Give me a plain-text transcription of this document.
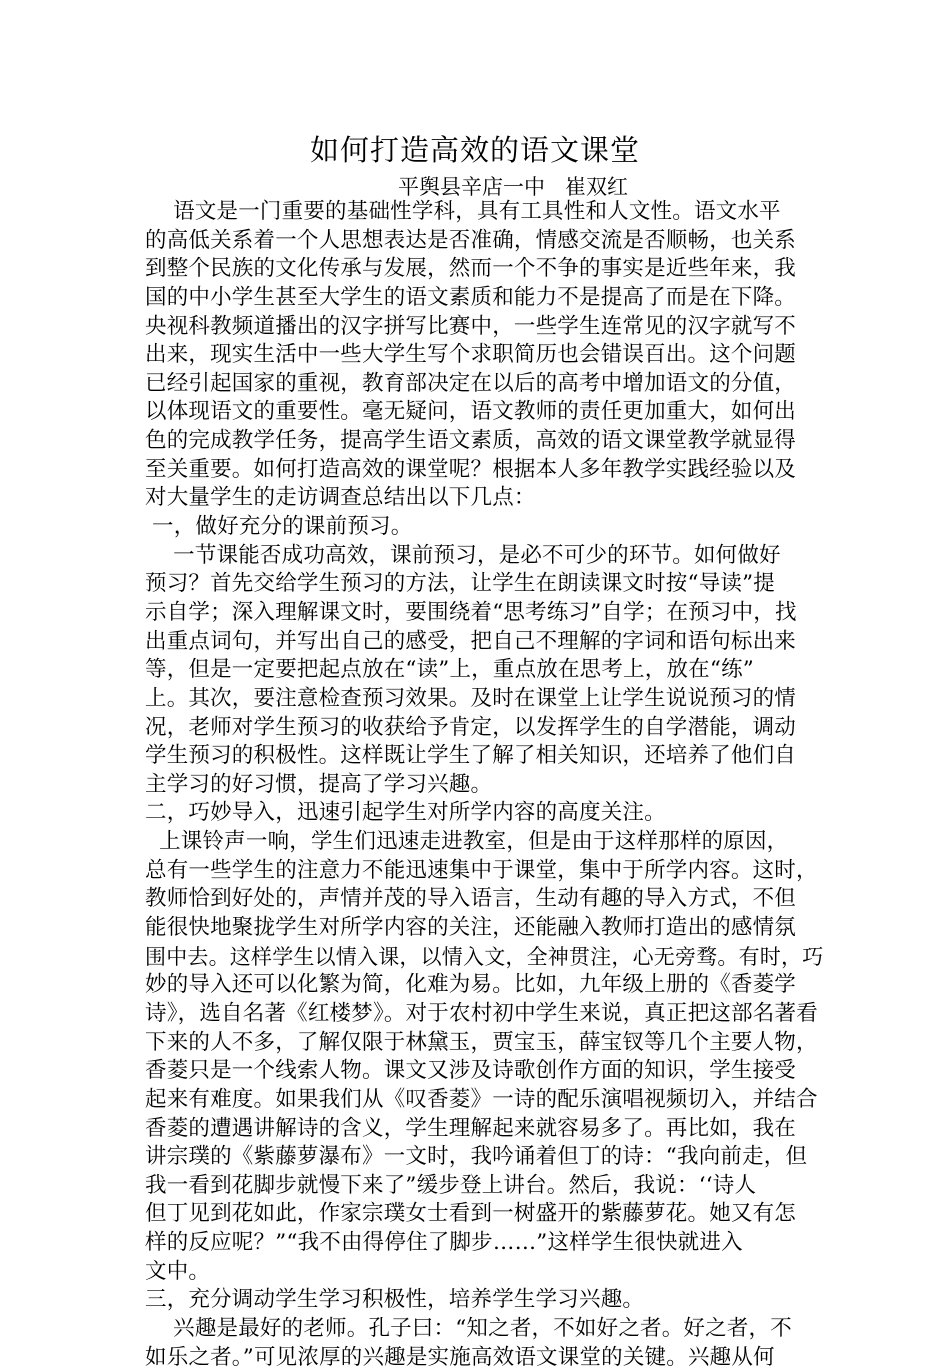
如何打造高效的语文课堂
平舆县辛店一中   崔双红
语文是一门重要的基础性学科，具有工具性和人文性。语文水平
的高低关系着一个人思想表达是否准确，情感交流是否顺畅，也关系
到整个民族的文化传承与发展，然而一个不争的事实是近些年来，我
国的中小学生甚至大学生的语文素质和能力不是提高了而是在下降。
央视科教频道播出的汉字拼写比赛中，一些学生连常见的汉字就写不
出来，现实生活中一些大学生写个求职简历也会错误百出。这个问题
已经引起国家的重视，教育部决定在以后的高考中增加语文的分值，
以体现语文的重要性。毫无疑问，语文教师的责任更加重大，如何出
色的完成教学任务，提高学生语文素质，高效的语文课堂教学就显得
至关重要。如何打造高效的课堂呢？根据本人多年教学实践经验以及
对大量学生的走访调查总结出以下几点：
一，做好充分的课前预习。
一节课能否成功高效，课前预习，是必不可少的环节。如何做好
预习？首先交给学生预习的方法，让学生在朗读课文时按“导读”提
示自学；深入理解课文时，要围绕着“思考练习”自学；在预习中，找
出重点词句，并写出自己的感受，把自己不理解的字词和语句标出来
等，但是一定要把起点放在“读”上，重点放在思考上，放在“练”
上。其次，要注意检查预习效果。及时在课堂上让学生说说预习的情
况，老师对学生预习的收获给予肯定，以发挥学生的自学潜能，调动
学生预习的积极性。这样既让学生了解了相关知识，还培养了他们自
主学习的好习惯，提高了学习兴趣。
二，巧妙导入，迅速引起学生对所学内容的高度关注。
上课铃声一响，学生们迅速走进教室，但是由于这样那样的原因，
总有一些学生的注意力不能迅速集中于课堂，集中于所学内容。这时，
教师恰到好处的，声情并茂的导入语言，生动有趣的导入方式，不但
能很快地聚拢学生对所学内容的关注，还能融入教师打造出的感情氛
围中去。这样学生以情入课，以情入文，全神贯注，心无旁骛。有时，巧
妙的导入还可以化繁为简，化难为易。比如，九年级上册的《香菱学
诗》，选自名著《红楼梦》。对于农村初中学生来说，真正把这部名著看
下来的人不多，了解仅限于林黛玉，贾宝玉，薛宝钗等几个主要人物，
香菱只是一个线索人物。课文又涉及诗歌创作方面的知识，学生接受
起来有难度。如果我们从《叹香菱》一诗的配乐演唱视频切入，并结合
香菱的遭遇讲解诗的含义，学生理解起来就容易多了。再比如，我在
讲宗璞的《紫藤萝瀑布》一文时，我吟诵着但丁的诗：“我向前走，但
我一看到花脚步就慢下来了”缓步登上讲台。然后，我说：‘‘诗人
但丁见到花如此，作家宗璞女士看到一树盛开的紫藤萝花。她又有怎
样的反应呢？”“我不由得停住了脚步……”这样学生很快就进入
文中。
三，充分调动学生学习积极性，培养学生学习兴趣。
兴趣是最好的老师。孔子曰：“知之者，不如好之者。好之者，不
如乐之者。”可见浓厚的兴趣是实施高效语文课堂的关键。兴趣从何
